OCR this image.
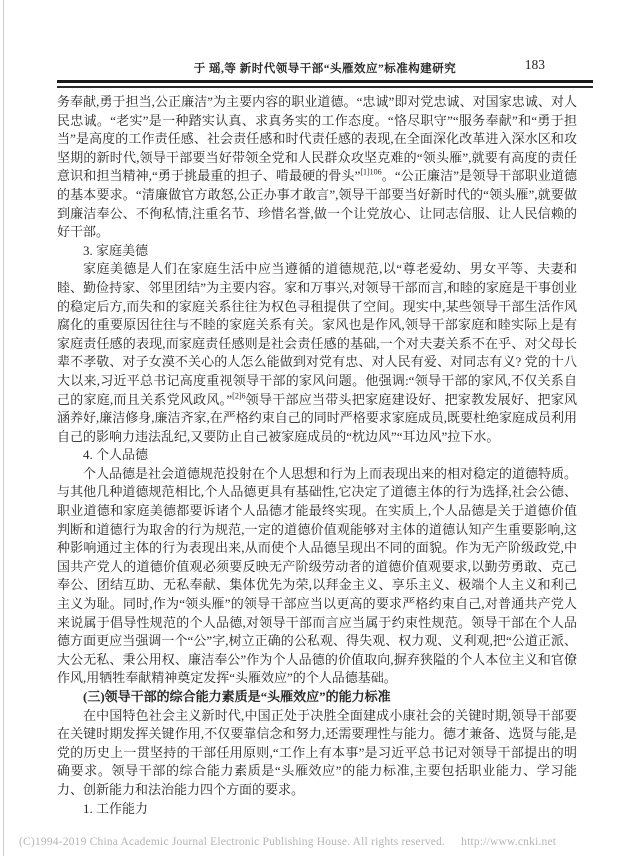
于 瑶,等 新时代领导干部“头雁效应”标准构建研究	183

务奉献,勇于担当,公正廉洁”为主要内容的职业道德。“忠诚”即对党忠诚、对国家忠诚、对人民忠诚。“老实”是一种踏实认真、求真务实的工作态度。“恪尽职守”“服务奉献”和“勇于担当”是高度的工作责任感、社会责任感和时代责任感的表现,在全面深化改革进入深水区和攻坚期的新时代,领导干部要当好带领全党和人民群众攻坚克难的“领头雁”,就要有高度的责任意识和担当精神,“勇于挑最重的担子、啃最硬的骨头”$^{[1]106}$。“公正廉洁”是领导干部职业道德的基本要求。“清廉做官方敢怒,公正办事才敢言”,领导干部要当好新时代的“领头雁”,就要做到廉洁奉公、不徇私情,注重名节、珍惜名誉,做一个让党放心、让同志信服、让人民信赖的好干部。

3. 家庭美德

家庭美德是人们在家庭生活中应当遵循的道德规范,以“尊老爱幼、男女平等、夫妻和睦、勤俭持家、邻里团结”为主要内容。家和万事兴,对领导干部而言,和睦的家庭是干事创业的稳定后方,而失和的家庭关系往往为权色寻租提供了空间。现实中,某些领导干部生活作风腐化的重要原因往往与不睦的家庭关系有关。家风也是作风,领导干部家庭和睦实际上是有家庭责任感的表现,而家庭责任感则是社会责任感的基础,一个对夫妻关系不在乎、对父母长辈不孝敬、对子女漠不关心的人怎么能做到对党有忠、对人民有爱、对同志有义? 党的十八大以来,习近平总书记高度重视领导干部的家风问题。他强调:“领导干部的家风,不仅关系自己的家庭,而且关系党风政风。”$^{[2]6}$领导干部应当带头把家庭建设好、把家教发展好、把家风涵养好,廉洁修身,廉洁齐家,在严格约束自己的同时严格要求家庭成员,既要杜绝家庭成员利用自己的影响力违法乱纪,又要防止自己被家庭成员的“枕边风”“耳边风”拉下水。

4. 个人品德

个人品德是社会道德规范投射在个人思想和行为上而表现出来的相对稳定的道德特质。与其他几种道德规范相比,个人品德更具有基础性,它决定了道德主体的行为选择,社会公德、职业道德和家庭美德都要诉诸个人品德才能最终实现。在实质上,个人品德是关于道德价值判断和道德行为取舍的行为规范,一定的道德价值观能够对主体的道德认知产生重要影响,这种影响通过主体的行为表现出来,从而使个人品德呈现出不同的面貌。作为无产阶级政党,中国共产党人的道德价值观必须要反映无产阶级劳动者的道德价值观要求,以勤劳勇敢、克己奉公、团结互助、无私奉献、集体优先为荣,以拜金主义、享乐主义、极端个人主义和利己主义为耻。同时,作为“领头雁”的领导干部应当以更高的要求严格约束自己,对普通共产党人来说属于倡导性规范的个人品德,对领导干部而言应当属于约束性规范。领导干部在个人品德方面更应当强调一个“公”字,树立正确的公私观、得失观、权力观、义利观,把“公道正派、大公无私、秉公用权、廉洁奉公”作为个人品德的价值取向,摒弃狭隘的个人本位主义和官僚作风,用牺牲奉献精神奠定发挥“头雁效应”的个人品德基础。

(三)领导干部的综合能力素质是“头雁效应”的能力标准

在中国特色社会主义新时代,中国正处于决胜全面建成小康社会的关键时期,领导干部要在关键时期发挥关键作用,不仅要靠信念和努力,还需要理性与能力。德才兼备、选贤与能,是党的历史上一贯坚持的干部任用原则,“工作上有本事”是习近平总书记对领导干部提出的明确要求。领导干部的综合能力素质是“头雁效应”的能力标准,主要包括职业能力、学习能力、创新能力和法治能力四个方面的要求。

1. 工作能力

(C)1994-2019 China Academic Journal Electronic Publishing House. All rights reserved. http://www.cnki.net
